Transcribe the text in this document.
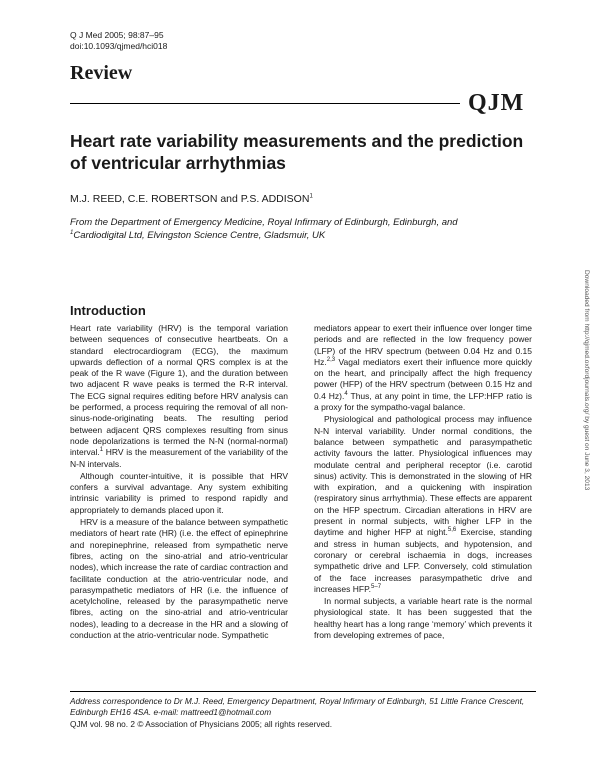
Q J Med 2005; 98:87–95
doi:10.1093/qjmed/hci018
Review
QJM
Heart rate variability measurements and the prediction of ventricular arrhythmias
M.J. REED, C.E. ROBERTSON and P.S. ADDISON$^1$
From the Department of Emergency Medicine, Royal Infirmary of Edinburgh, Edinburgh, and
$^1$Cardiodigital Ltd, Elvingston Science Centre, Gladsmuir, UK
Downloaded from http://qjmed.oxfordjournals.org/ by guest on June 3, 2013
Introduction

Heart rate variability (HRV) is the temporal variation between sequences of consecutive heartbeats. On a standard electrocardiogram (ECG), the maximum upwards deflection of a normal QRS complex is at the peak of the R wave (Figure 1), and the duration between two adjacent R wave peaks is termed the R-R interval. The ECG signal requires editing before HRV analysis can be performed, a process requiring the removal of all non-sinus-node-originating beats. The resulting period between adjacent QRS complexes resulting from sinus node depolarizations is termed the N-N (normal-normal) interval.$^1$ HRV is the measurement of the variability of the N-N intervals.

Although counter-intuitive, it is possible that HRV confers a survival advantage. Any system exhibiting intrinsic variability is primed to respond rapidly and appropriately to demands placed upon it.

HRV is a measure of the balance between sympathetic mediators of heart rate (HR) (i.e. the effect of epinephrine and norepinephrine, released from sympathetic nerve fibres, acting on the sino-atrial and atrio-ventricular nodes), which increase the rate of cardiac contraction and facilitate conduction at the atrio-ventricular node, and parasympathetic mediators of HR (i.e. the influence of acetylcholine, released by the parasympathetic nerve fibres, acting on the sino-atrial and atrio-ventricular nodes), leading to a decrease in the HR and a slowing of conduction at the atrio-ventricular node. Sympathetic

mediators appear to exert their influence over longer time periods and are reflected in the low frequency power (LFP) of the HRV spectrum (between 0.04 Hz and 0.15 Hz.$^{2,3}$ Vagal mediators exert their influence more quickly on the heart, and principally affect the high frequency power (HFP) of the HRV spectrum (between 0.15 Hz and 0.4 Hz).$^4$ Thus, at any point in time, the LFP:HFP ratio is a proxy for the sympatho-vagal balance.

Physiological and pathological process may influence N-N interval variability. Under normal conditions, the balance between sympathetic and parasympathetic activity favours the latter. Physiological influences may modulate central and peripheral receptor (i.e. carotid sinus) activity. This is demonstrated in the slowing of HR with expiration, and a quickening with inspiration (respiratory sinus arrhythmia). These effects are apparent on the HFP spectrum. Circadian alterations in HRV are present in normal subjects, with higher LFP in the daytime and higher HFP at night.$^{5,6}$ Exercise, standing and stress in human subjects, and hypotension, and coronary or cerebral ischaemia in dogs, increases sympathetic drive and LFP. Conversely, cold stimulation of the face increases parasympathetic drive and increases HFP.$^{5-7}$

In normal subjects, a variable heart rate is the normal physiological state. It has been suggested that the healthy heart has a long range ‘memory’ which prevents it from developing extremes of pace,

Address correspondence to Dr M.J. Reed, Emergency Department, Royal Infirmary of Edinburgh, 51 Little France Crescent, Edinburgh EH16 4SA. e-mail: mattreed1@hotmail.com
QJM vol. 98 no. 2 © Association of Physicians 2005; all rights reserved.
